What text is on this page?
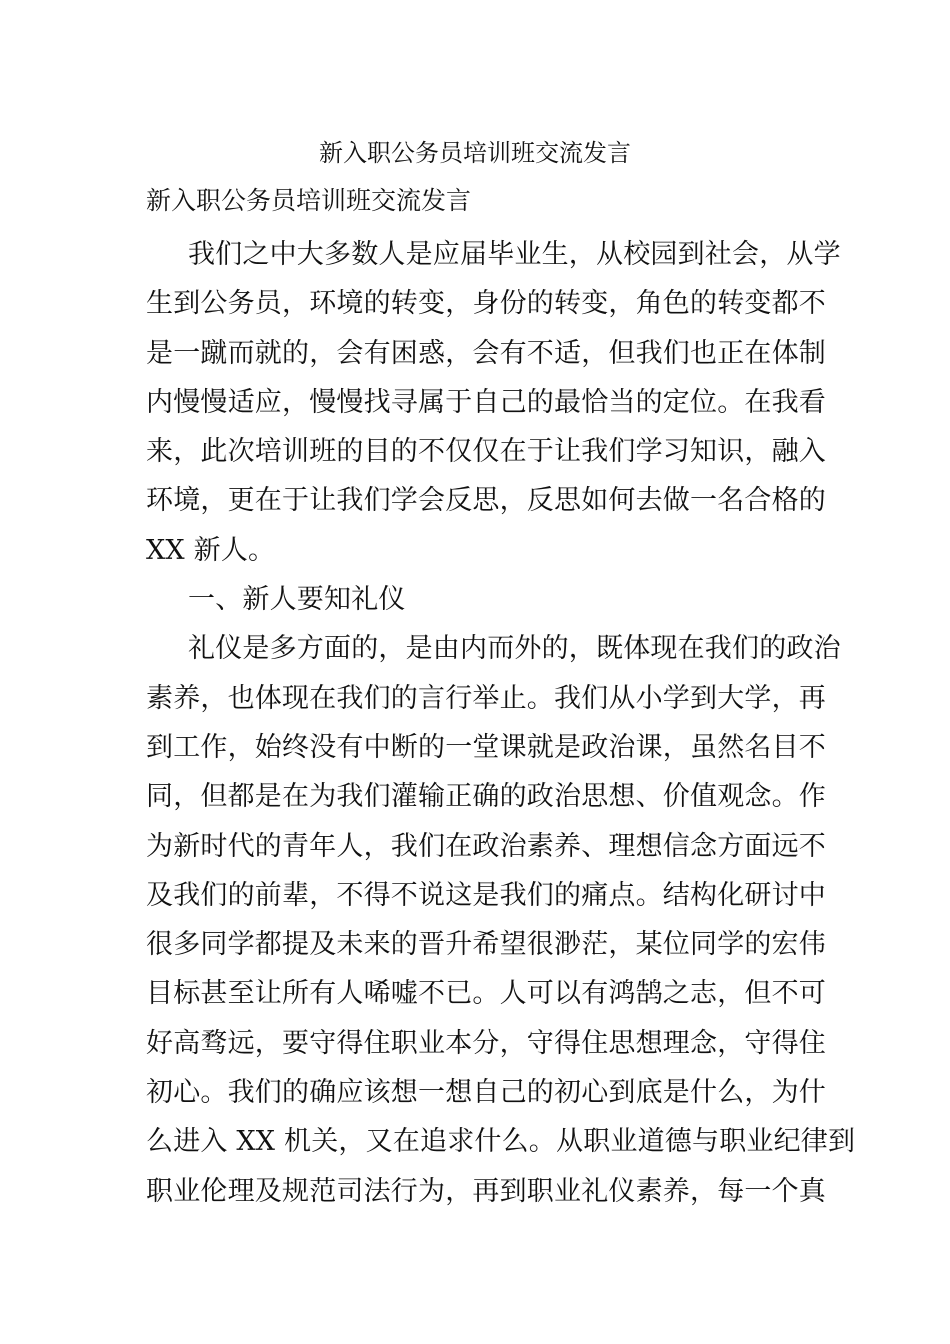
新入职公务员培训班交流发言
新入职公务员培训班交流发言
我们之中大多数人是应届毕业生，从校园到社会，从学
生到公务员，环境的转变，身份的转变，角色的转变都不
是一蹴而就的，会有困惑，会有不适，但我们也正在体制
内慢慢适应，慢慢找寻属于自己的最恰当的定位。在我看
来，此次培训班的目的不仅仅在于让我们学习知识，融入
环境，更在于让我们学会反思，反思如何去做一名合格的
XX 新人。
一、新人要知礼仪
礼仪是多方面的，是由内而外的，既体现在我们的政治
素养，也体现在我们的言行举止。我们从小学到大学，再
到工作，始终没有中断的一堂课就是政治课，虽然名目不
同，但都是在为我们灌输正确的政治思想、价值观念。作
为新时代的青年人，我们在政治素养、理想信念方面远不
及我们的前辈，不得不说这是我们的痛点。结构化研讨中
很多同学都提及未来的晋升希望很渺茫，某位同学的宏伟
目标甚至让所有人唏嘘不已。人可以有鸿鹄之志，但不可
好高骛远，要守得住职业本分，守得住思想理念，守得住
初心。我们的确应该想一想自己的初心到底是什么，为什
么进入 XX 机关，又在追求什么。从职业道德与职业纪律到
职业伦理及规范司法行为，再到职业礼仪素养，每一个真
